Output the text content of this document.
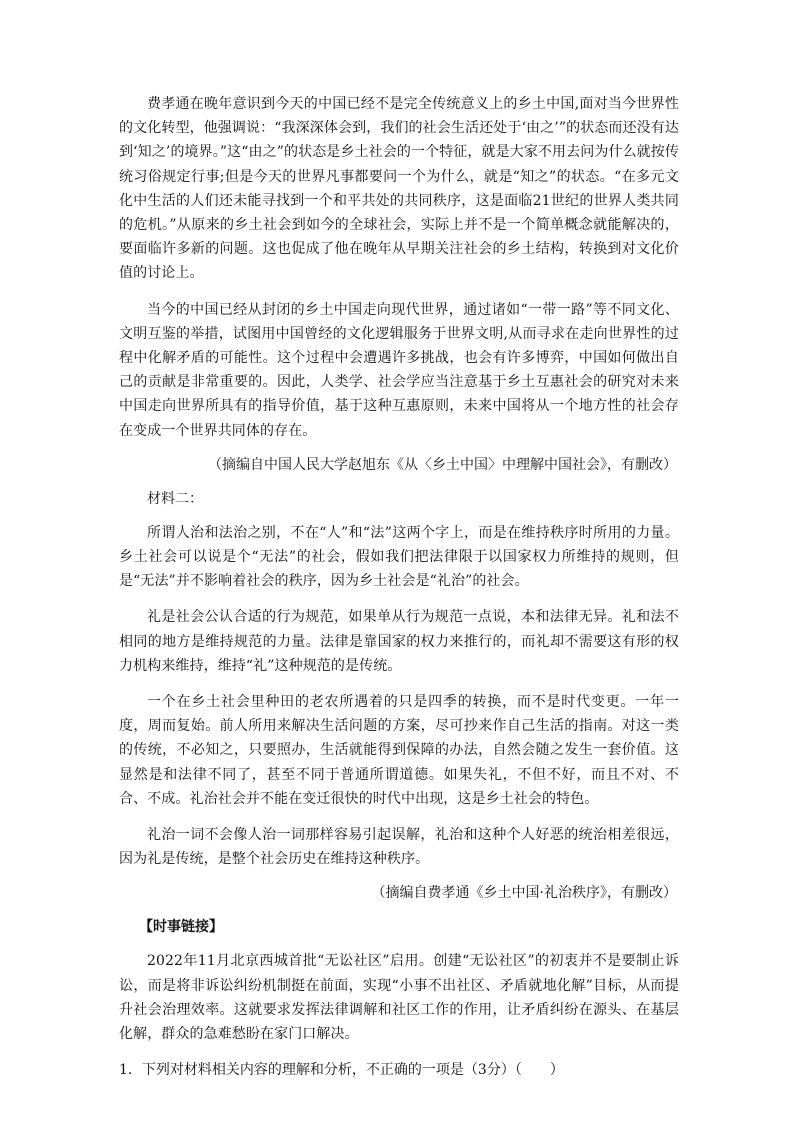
费孝通在晚年意识到今天的中国已经不是完全传统意义上的乡土中国,面对当今世界性的文化转型，他强调说：“我深深体会到，我们的社会生活还处于‘由之’”的状态而还没有达到‘知之’的境界。”这“由之”的状态是乡土社会的一个特征，就是大家不用去问为什么就按传统习俗规定行事;但是今天的世界凡事都要问一个为什么，就是“知之”的状态。“在多元文化中生活的人们还未能寻找到一个和平共处的共同秩序，这是面临21世纪的世界人类共同的危机。”从原来的乡土社会到如今的全球社会，实际上并不是一个简单概念就能解决的，要面临许多新的问题。这也促成了他在晚年从早期关注社会的乡土结构，转换到对文化价值的讨论上。

当今的中国已经从封闭的乡土中国走向现代世界，通过诸如“一带一路”等不同文化、文明互鉴的举措，试图用中国曾经的文化逻辑服务于世界文明,从而寻求在走向世界性的过程中化解矛盾的可能性。这个过程中会遭遇许多挑战，也会有许多博弈，中国如何做出自己的贡献是非常重要的。因此，人类学、社会学应当注意基于乡土互惠社会的研究对未来中国走向世界所具有的指导价值，基于这种互惠原则，未来中国将从一个地方性的社会存在变成一个世界共同体的存在。

（摘编自中国人民大学赵旭东《从〈乡土中国〉中理解中国社会》，有删改）

材料二：

所谓人治和法治之别，不在“人”和“法”这两个字上，而是在维持秩序时所用的力量。乡土社会可以说是个“无法”的社会，假如我们把法律限于以国家权力所维持的规则，但是“无法”并不影响着社会的秩序，因为乡土社会是“礼治”的社会。

礼是社会公认合适的行为规范，如果单从行为规范一点说，本和法律无异。礼和法不相同的地方是维持规范的力量。法律是靠国家的权力来推行的，而礼却不需要这有形的权力机构来维持，维持“礼”这种规范的是传统。

一个在乡土社会里种田的老农所遇着的只是四季的转换，而不是时代变更。一年一度，周而复始。前人所用来解决生活问题的方案，尽可抄来作自己生活的指南。对这一类的传统，不必知之，只要照办，生活就能得到保障的办法，自然会随之发生一套价值。这显然是和法律不同了，甚至不同于普通所谓道德。如果失礼，不但不好，而且不对、不合、不成。礼治社会并不能在变迁很快的时代中出现，这是乡土社会的特色。

礼治一词不会像人治一词那样容易引起误解，礼治和这种个人好恶的统治相差很远，因为礼是传统，是整个社会历史在维持这种秩序。

（摘编自费孝通《乡土中国·礼治秩序》，有删改）

【时事链接】

2022年11月北京西城首批“无讼社区”启用。创建“无讼社区”的初衷并不是要制止诉讼，而是将非诉讼纠纷机制挺在前面，实现“小事不出社区、矛盾就地化解”目标，从而提升社会治理效率。这就要求发挥法律调解和社区工作的作用，让矛盾纠纷在源头、在基层化解，群众的急难愁盼在家门口解决。

1．下列对材料相关内容的理解和分析，不正确的一项是（3分）（　　）
